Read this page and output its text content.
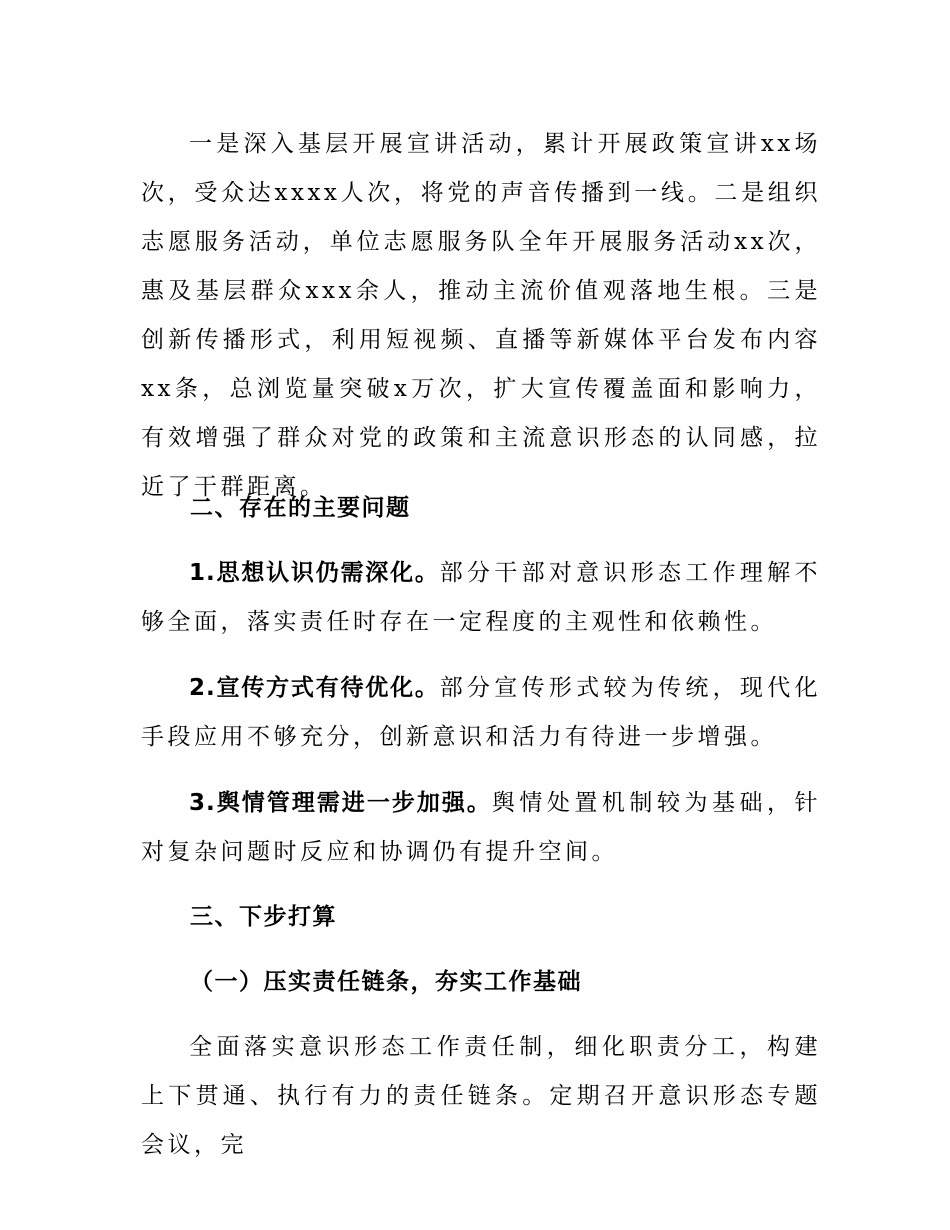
一是深入基层开展宣讲活动，累计开展政策宣讲xx场次，受众达xxxx人次，将党的声音传播到一线。二是组织志愿服务活动，单位志愿服务队全年开展服务活动xx次，惠及基层群众xxx余人，推动主流价值观落地生根。三是创新传播形式，利用短视频、直播等新媒体平台发布内容xx条，总浏览量突破x万次，扩大宣传覆盖面和影响力，有效增强了群众对党的政策和主流意识形态的认同感，拉近了干群距离。

二、存在的主要问题

1.思想认识仍需深化。部分干部对意识形态工作理解不够全面，落实责任时存在一定程度的主观性和依赖性。

2.宣传方式有待优化。部分宣传形式较为传统，现代化手段应用不够充分，创新意识和活力有待进一步增强。

3.舆情管理需进一步加强。舆情处置机制较为基础，针对复杂问题时反应和协调仍有提升空间。

三、下步打算
（一）压实责任链条，夯实工作基础

全面落实意识形态工作责任制，细化职责分工，构建上下贯通、执行有力的责任链条。定期召开意识形态专题会议，完
